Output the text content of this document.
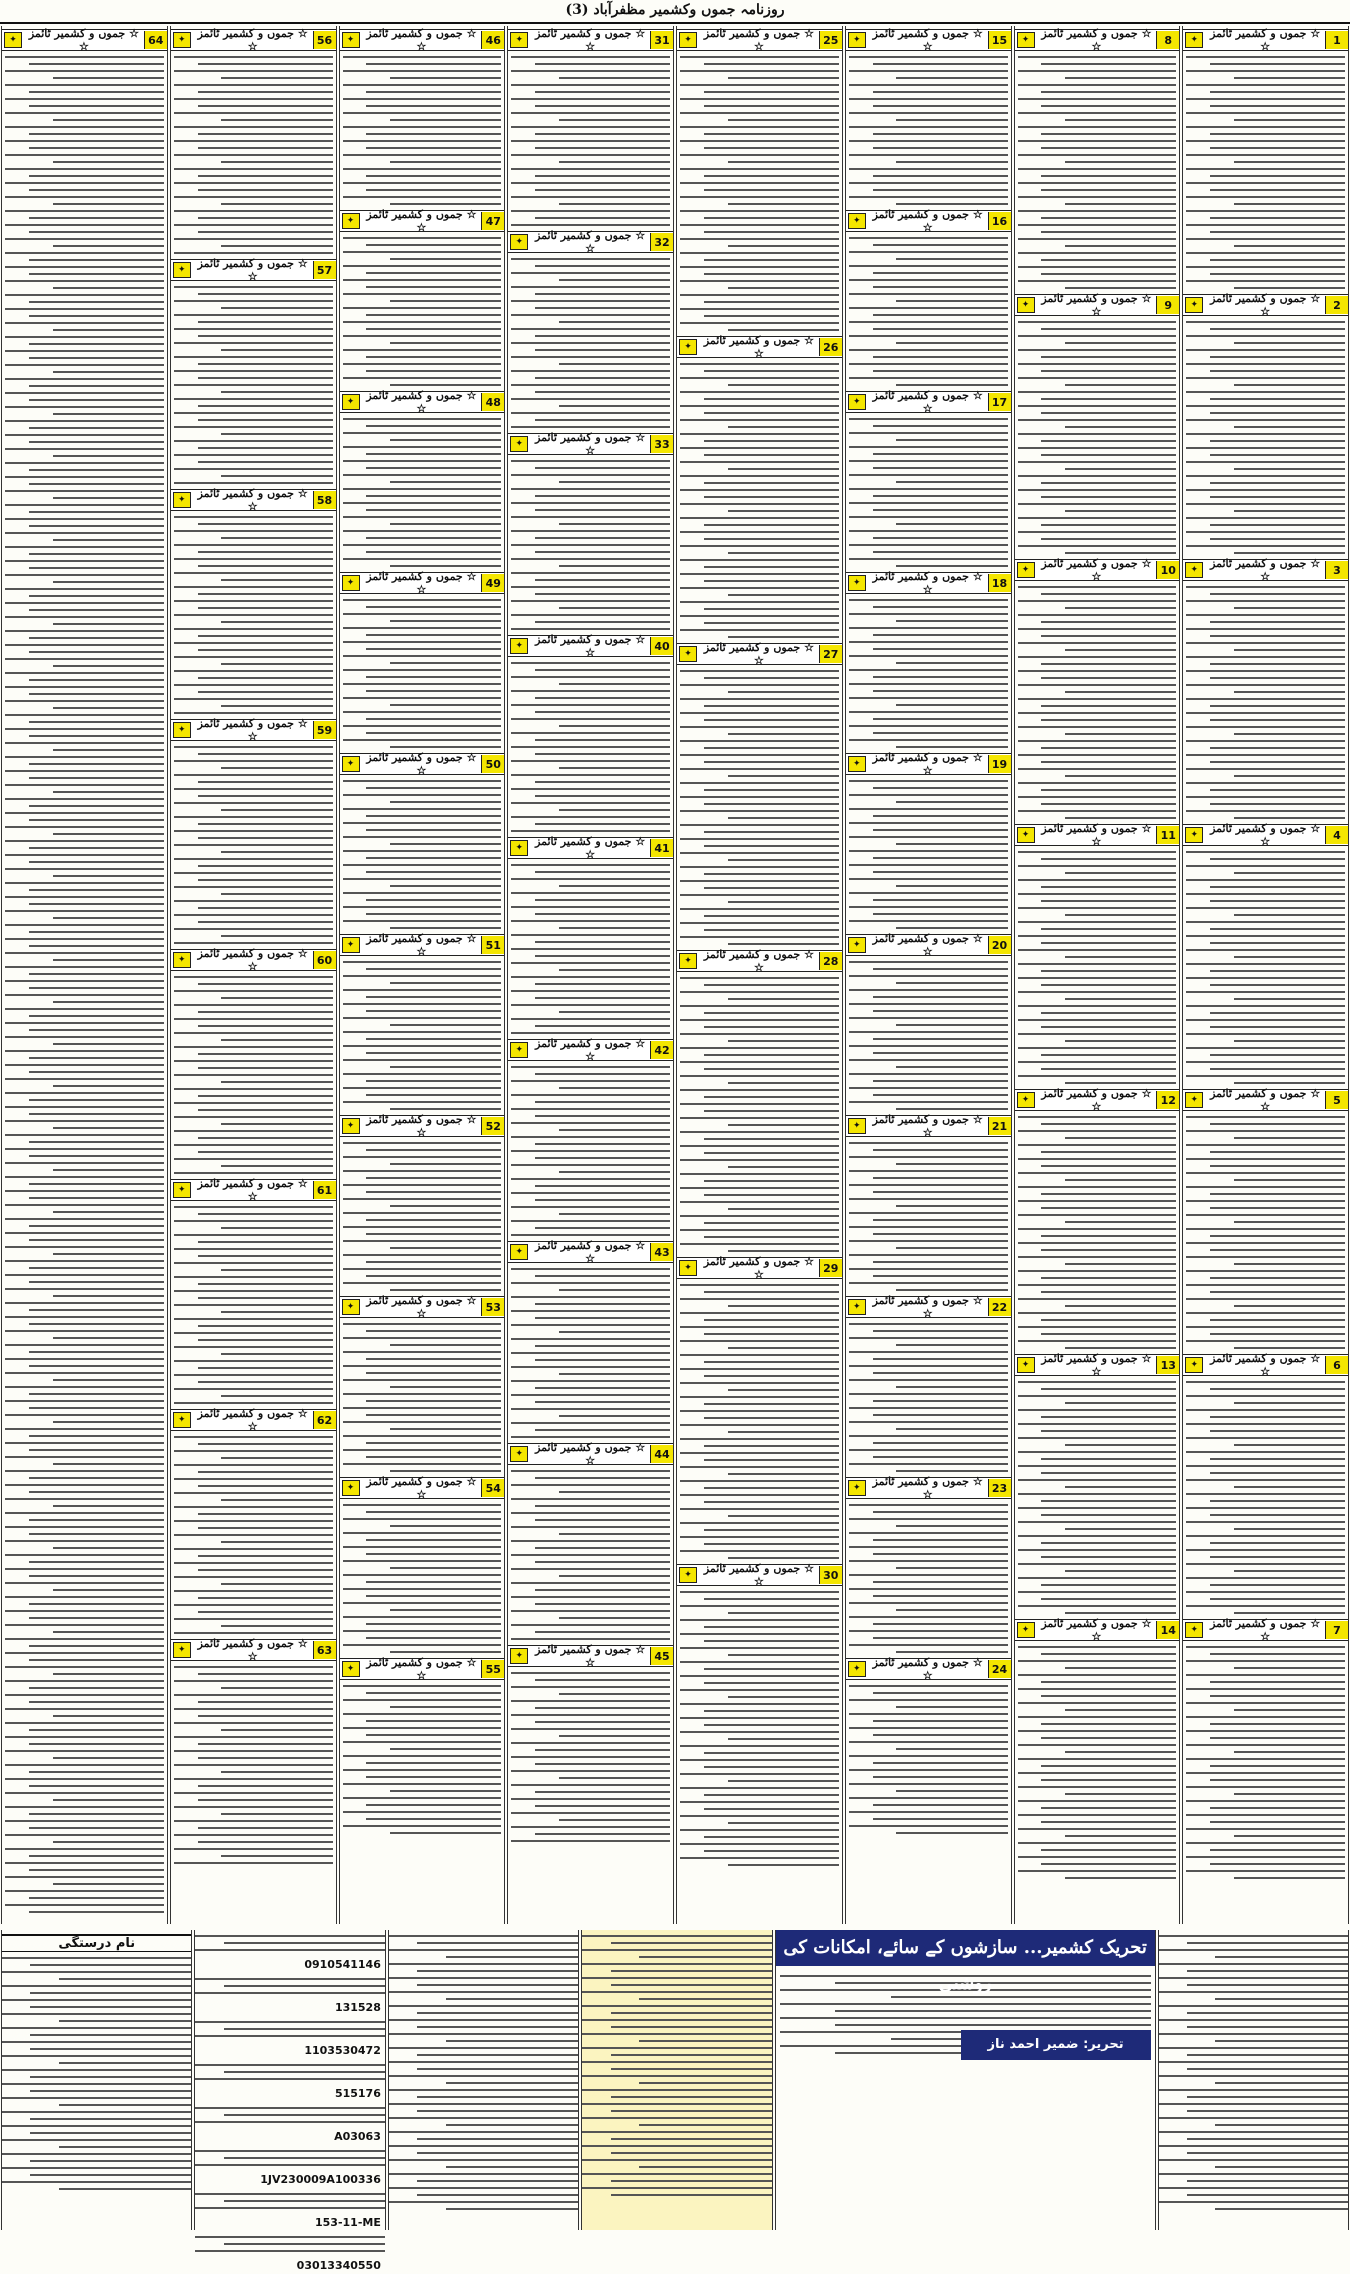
روزنامہ جموں وکشمیر مظفرآباد (3)
1
☆ جموں و کشمیر ٹائمز ☆
✦
2
☆ جموں و کشمیر ٹائمز ☆
✦
3
☆ جموں و کشمیر ٹائمز ☆
✦
4
☆ جموں و کشمیر ٹائمز ☆
✦
5
☆ جموں و کشمیر ٹائمز ☆
✦
6
☆ جموں و کشمیر ٹائمز ☆
✦
7
☆ جموں و کشمیر ٹائمز ☆
✦
8
☆ جموں و کشمیر ٹائمز ☆
✦
9
☆ جموں و کشمیر ٹائمز ☆
✦
10
☆ جموں و کشمیر ٹائمز ☆
✦
11
☆ جموں و کشمیر ٹائمز ☆
✦
12
☆ جموں و کشمیر ٹائمز ☆
✦
13
☆ جموں و کشمیر ٹائمز ☆
✦
14
☆ جموں و کشمیر ٹائمز ☆
✦
15
☆ جموں و کشمیر ٹائمز ☆
✦
16
☆ جموں و کشمیر ٹائمز ☆
✦
17
☆ جموں و کشمیر ٹائمز ☆
✦
18
☆ جموں و کشمیر ٹائمز ☆
✦
19
☆ جموں و کشمیر ٹائمز ☆
✦
20
☆ جموں و کشمیر ٹائمز ☆
✦
21
☆ جموں و کشمیر ٹائمز ☆
✦
22
☆ جموں و کشمیر ٹائمز ☆
✦
23
☆ جموں و کشمیر ٹائمز ☆
✦
24
☆ جموں و کشمیر ٹائمز ☆
✦
25
☆ جموں و کشمیر ٹائمز ☆
✦
26
☆ جموں و کشمیر ٹائمز ☆
✦
27
☆ جموں و کشمیر ٹائمز ☆
✦
28
☆ جموں و کشمیر ٹائمز ☆
✦
29
☆ جموں و کشمیر ٹائمز ☆
✦
30
☆ جموں و کشمیر ٹائمز ☆
✦
31
☆ جموں و کشمیر ٹائمز ☆
✦
32
☆ جموں و کشمیر ٹائمز ☆
✦
33
☆ جموں و کشمیر ٹائمز ☆
✦
40
☆ جموں و کشمیر ٹائمز ☆
✦
41
☆ جموں و کشمیر ٹائمز ☆
✦
42
☆ جموں و کشمیر ٹائمز ☆
✦
43
☆ جموں و کشمیر ٹائمز ☆
✦
44
☆ جموں و کشمیر ٹائمز ☆
✦
45
☆ جموں و کشمیر ٹائمز ☆
✦
46
☆ جموں و کشمیر ٹائمز ☆
✦
47
☆ جموں و کشمیر ٹائمز ☆
✦
48
☆ جموں و کشمیر ٹائمز ☆
✦
49
☆ جموں و کشمیر ٹائمز ☆
✦
50
☆ جموں و کشمیر ٹائمز ☆
✦
51
☆ جموں و کشمیر ٹائمز ☆
✦
52
☆ جموں و کشمیر ٹائمز ☆
✦
53
☆ جموں و کشمیر ٹائمز ☆
✦
54
☆ جموں و کشمیر ٹائمز ☆
✦
55
☆ جموں و کشمیر ٹائمز ☆
✦
56
☆ جموں و کشمیر ٹائمز ☆
✦
57
☆ جموں و کشمیر ٹائمز ☆
✦
58
☆ جموں و کشمیر ٹائمز ☆
✦
59
☆ جموں و کشمیر ٹائمز ☆
✦
60
☆ جموں و کشمیر ٹائمز ☆
✦
61
☆ جموں و کشمیر ٹائمز ☆
✦
62
☆ جموں و کشمیر ٹائمز ☆
✦
63
☆ جموں و کشمیر ٹائمز ☆
✦
64
☆ جموں و کشمیر ٹائمز ☆
✦
تحریک کشمیر... سازشوں کے سائے، امکانات کی روشنی
تحریر: ضمیر احمد ناز
0910541146
131528
1103530472
515176
A03063
1JV230009A100336
153-11-ME
03013340550
نام درستگی
